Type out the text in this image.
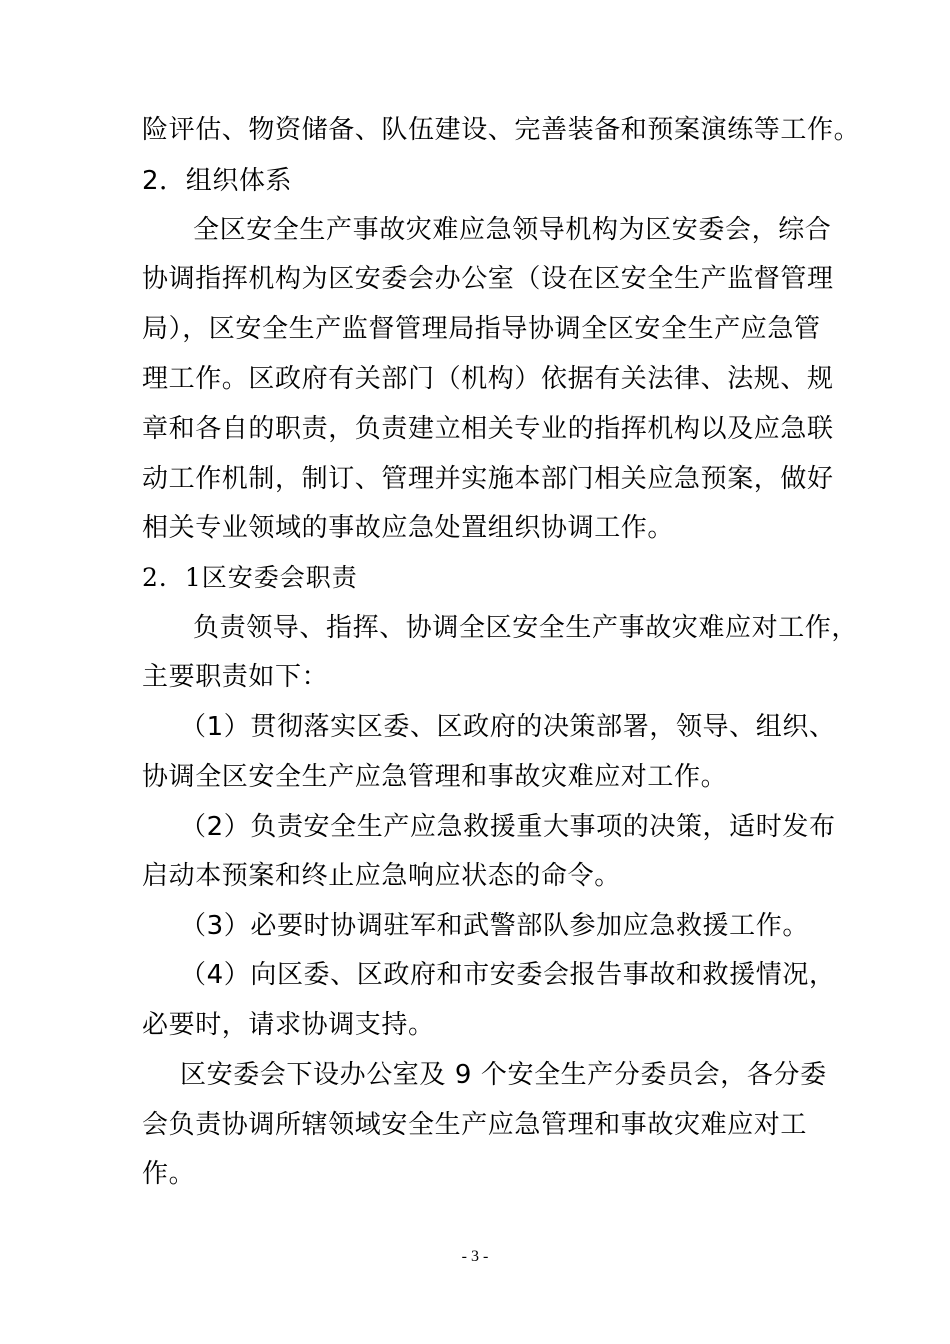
险评估、物资储备、队伍建设、完善装备和预案演练等工作。
2．组织体系
全区安全生产事故灾难应急领导机构为区安委会，综合
协调指挥机构为区安委会办公室（设在区安全生产监督管理
局），区安全生产监督管理局指导协调全区安全生产应急管
理工作。区政府有关部门（机构）依据有关法律、法规、规
章和各自的职责，负责建立相关专业的指挥机构以及应急联
动工作机制，制订、管理并实施本部门相关应急预案，做好
相关专业领域的事故应急处置组织协调工作。
2．1区安委会职责
负责领导、指挥、协调全区安全生产事故灾难应对工作，
主要职责如下：
（1）贯彻落实区委、区政府的决策部署，领导、组织、
协调全区安全生产应急管理和事故灾难应对工作。
（2）负责安全生产应急救援重大事项的决策，适时发布
启动本预案和终止应急响应状态的命令。
（3）必要时协调驻军和武警部队参加应急救援工作。
（4）向区委、区政府和市安委会报告事故和救援情况，
必要时，请求协调支持。
区安委会下设办公室及 9 个安全生产分委员会，各分委
会负责协调所辖领域安全生产应急管理和事故灾难应对工
作。
- 3 -
